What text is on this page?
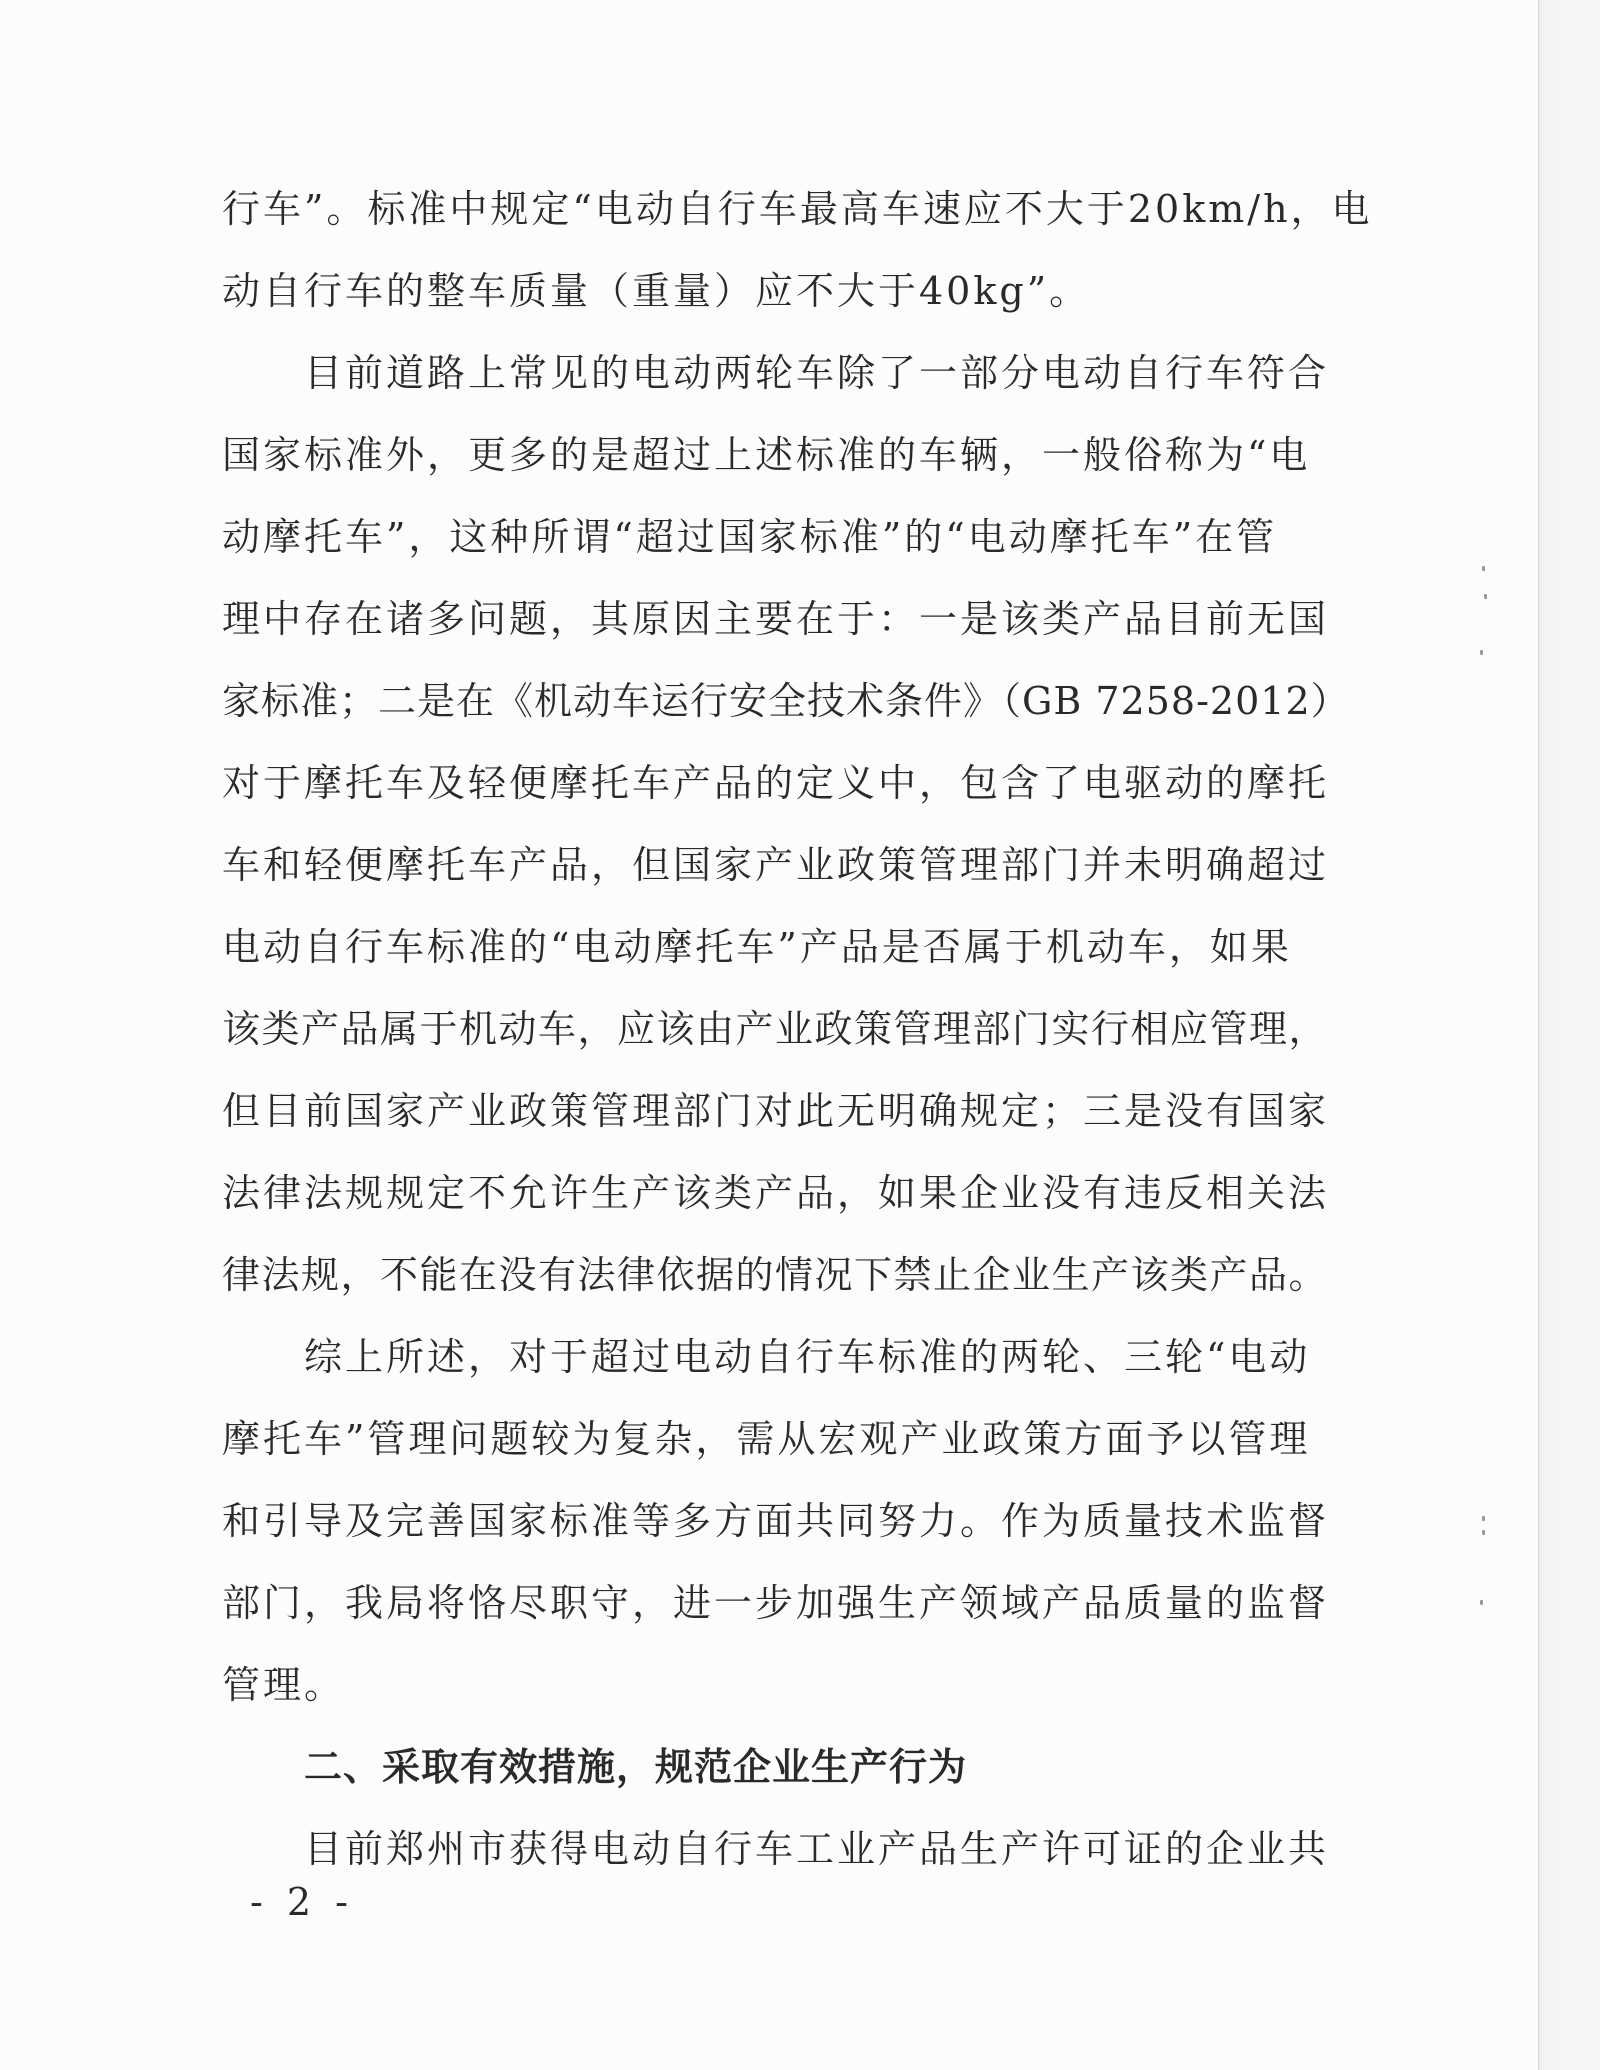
行车”。标准中规定“电动自行车最高车速应不大于20km/h，电
动自行车的整车质量（重量）应不大于40kg”。
目前道路上常见的电动两轮车除了一部分电动自行车符合
国家标准外，更多的是超过上述标准的车辆，一般俗称为“电
动摩托车”，这种所谓“超过国家标准”的“电动摩托车”在管
理中存在诸多问题，其原因主要在于：一是该类产品目前无国
家标准；二是在《机动车运行安全技术条件》（GB 7258-2012）
对于摩托车及轻便摩托车产品的定义中，包含了电驱动的摩托
车和轻便摩托车产品，但国家产业政策管理部门并未明确超过
电动自行车标准的“电动摩托车”产品是否属于机动车，如果
该类产品属于机动车，应该由产业政策管理部门实行相应管理，
但目前国家产业政策管理部门对此无明确规定；三是没有国家
法律法规规定不允许生产该类产品，如果企业没有违反相关法
律法规，不能在没有法律依据的情况下禁止企业生产该类产品。
综上所述，对于超过电动自行车标准的两轮、三轮“电动
摩托车”管理问题较为复杂，需从宏观产业政策方面予以管理
和引导及完善国家标准等多方面共同努力。作为质量技术监督
部门，我局将恪尽职守，进一步加强生产领域产品质量的监督
管理。
二、采取有效措施，规范企业生产行为
目前郑州市获得电动自行车工业产品生产许可证的企业共
- 2 -
